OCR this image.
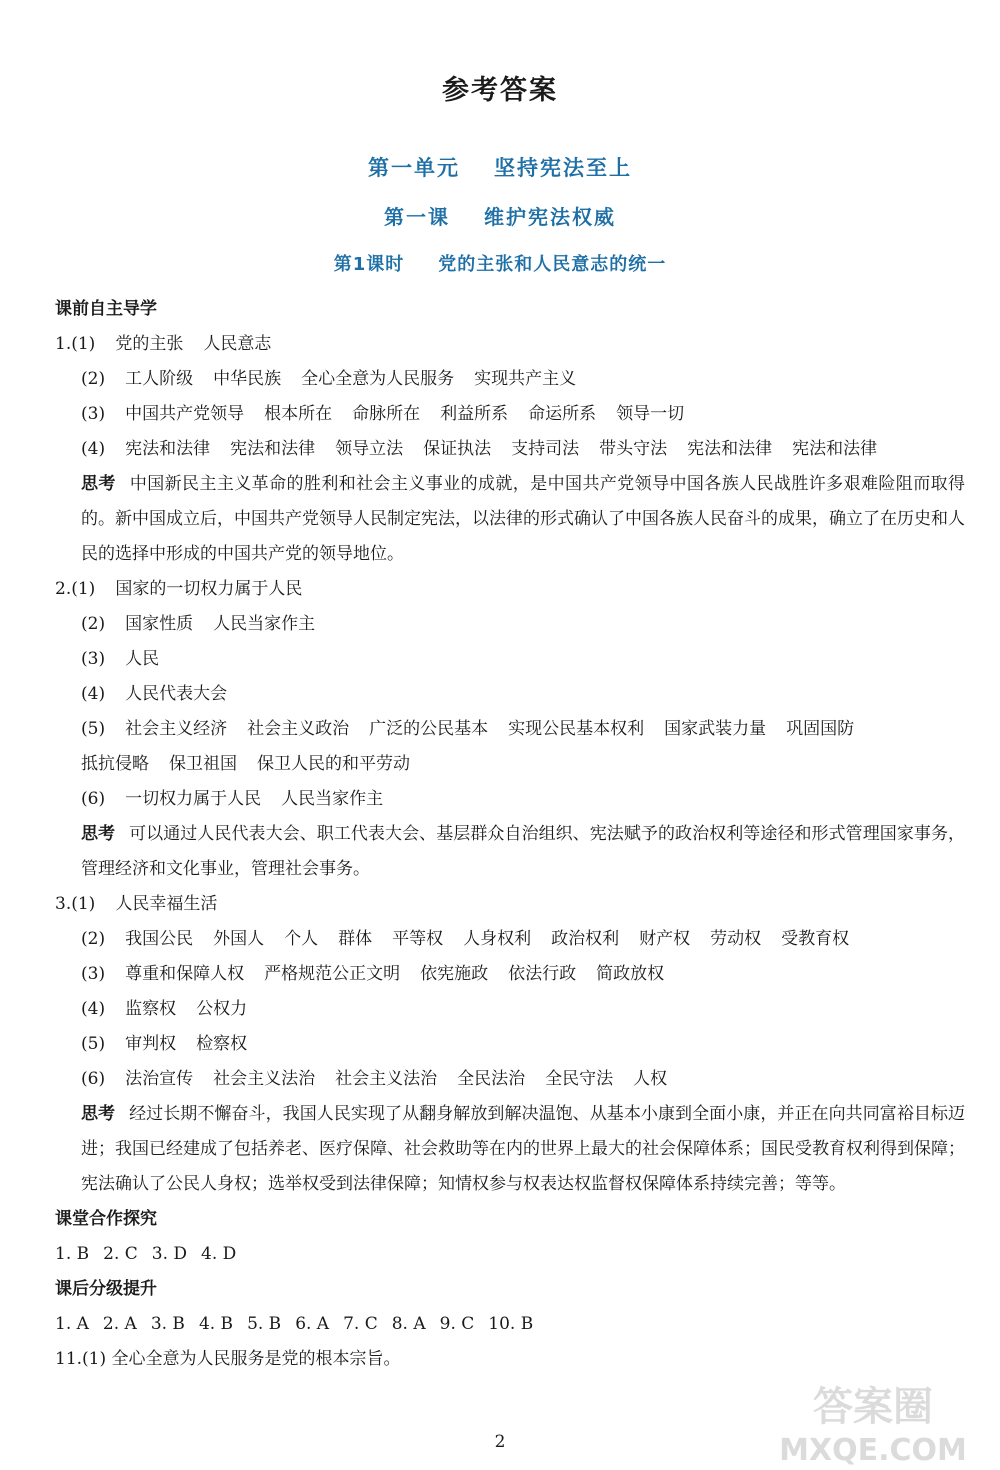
参考答案
第一单元 坚持宪法至上
第一课 维护宪法权威
第1课时 党的主张和人民意志的统一
课前自主导学
1.(1) 党的主张 人民意志
(2) 工人阶级 中华民族 全心全意为人民服务 实现共产主义
(3) 中国共产党领导 根本所在 命脉所在 利益所系 命运所系 领导一切
(4) 宪法和法律 宪法和法律 领导立法 保证执法 支持司法 带头守法 宪法和法律 宪法和法律
思考 中国新民主主义革命的胜利和社会主义事业的成就，是中国共产党领导中国各族人民战胜许多艰难险阻而取得的。新中国成立后，中国共产党领导人民制定宪法，以法律的形式确认了中国各族人民奋斗的成果，确立了在历史和人民的选择中形成的中国共产党的领导地位。
2.(1) 国家的一切权力属于人民
(2) 国家性质 人民当家作主
(3) 人民
(4) 人民代表大会
(5) 社会主义经济 社会主义政治 广泛的公民基本 实现公民基本权利 国家武装力量 巩固国防
抵抗侵略 保卫祖国 保卫人民的和平劳动
(6) 一切权力属于人民 人民当家作主
思考 可以通过人民代表大会、职工代表大会、基层群众自治组织、宪法赋予的政治权利等途径和形式管理国家事务，管理经济和文化事业，管理社会事务。
3.(1) 人民幸福生活
(2) 我国公民 外国人 个人 群体 平等权 人身权利 政治权利 财产权 劳动权 受教育权
(3) 尊重和保障人权 严格规范公正文明 依宪施政 依法行政 简政放权
(4) 监察权 公权力
(5) 审判权 检察权
(6) 法治宣传 社会主义法治 社会主义法治 全民法治 全民守法 人权
思考 经过长期不懈奋斗，我国人民实现了从翻身解放到解决温饱、从基本小康到全面小康，并正在向共同富裕目标迈进；我国已经建成了包括养老、医疗保障、社会救助等在内的世界上最大的社会保障体系；国民受教育权利得到保障；宪法确认了公民人身权；选举权受到法律保障；知情权参与权表达权监督权保障体系持续完善；等等。
课堂合作探究
1. B 2. C 3. D 4. D
课后分级提升
1. A 2. A 3. B 4. B 5. B 6. A 7. C 8. A 9. C 10. B
11.(1) 全心全意为人民服务是党的根本宗旨。
2
答案圈
MXQE.COM
